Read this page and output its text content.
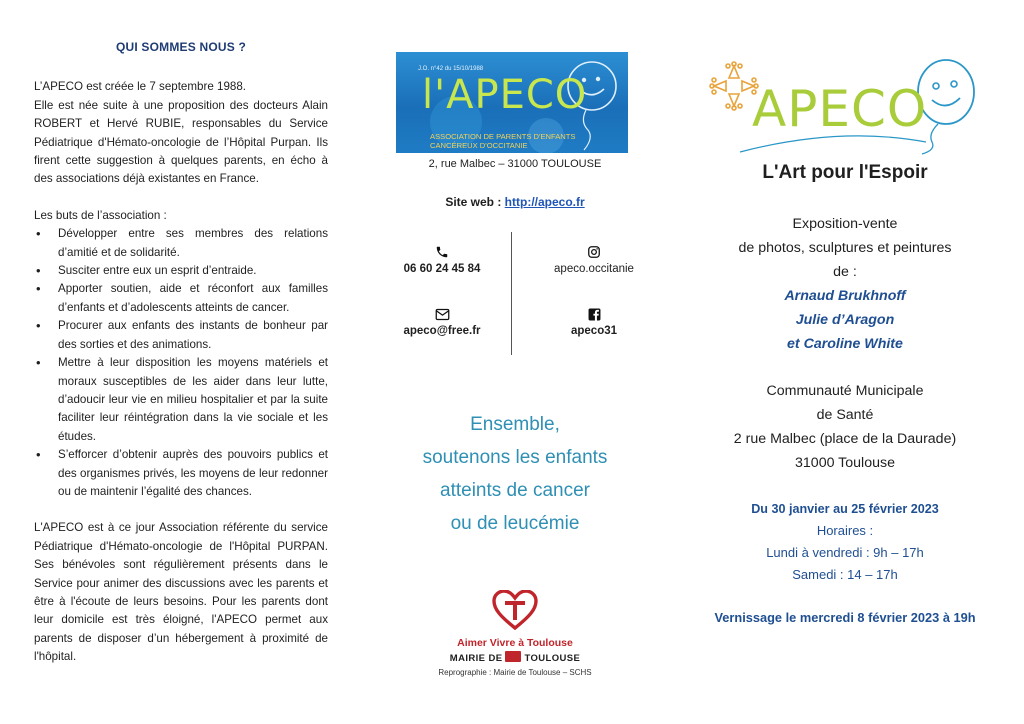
QUI SOMMES NOUS ?

L’APECO est créée le 7 septembre 1988.

Elle est née suite à une proposition des docteurs Alain ROBERT et Hervé RUBIE, responsables du Service Pédiatrique d'Hémato-oncologie de l’Hôpital Purpan. Ils firent cette suggestion à quelques parents, en écho à des associations déjà existantes en France.

Les buts de l’association :

• Développer entre ses membres des relations d’amitié et de solidarité.
• Susciter entre eux un esprit d’entraide.
• Apporter soutien, aide et réconfort aux familles d’enfants et d’adolescents atteints de cancer.
• Procurer aux enfants des instants de bonheur par des sorties et des animations.
• Mettre à leur disposition les moyens matériels et moraux susceptibles de les aider dans leur lutte, d’adoucir leur vie en milieu hospitalier et par la suite faciliter leur réintégration dans la vie sociale et les études.
• S’efforcer d’obtenir auprès des pouvoirs publics et des organismes privés, les moyens de leur redonner ou de maintenir l’égalité des chances.

L'APECO est à ce jour Association référente du service Pédiatrique d'Hémato-oncologie de l'Hôpital PURPAN. Ses bénévoles sont régulièrement présents dans le Service pour animer des discussions avec les parents et être à l'écoute de leurs besoins. Pour les parents dont leur domicile est très éloigné, l'APECO permet aux parents de disposer d’un hébergement à proximité de l'hôpital.

J.O. n°42 du 15/10/1988
l'APECO
ASSOCIATION DE PARENTS D'ENFANTS CANCÉREUX D'OCCITANIE
2, rue Malbec – 31000 TOULOUSE
Site web : http://apeco.fr
06 60 24 45 84	apeco.occitanie
apeco@free.fr	apeco31
Ensemble,
soutenons les enfants
atteints de cancer
ou de leucémie
Aimer Vivre à Toulouse
MAIRIE DE TOULOUSE
Reprographie : Mairie de Toulouse – SCHS
APECO
L'Art pour l'Espoir
Exposition-vente
de photos, sculptures et peintures
de :
Arnaud Brukhnoff
Julie d’Aragon
et Caroline White
Communauté Municipale
de Santé
2 rue Malbec (place de la Daurade)
31000 Toulouse
Du 30 janvier au 25 février 2023
Horaires :
Lundi à vendredi : 9h – 17h
Samedi : 14 – 17h
Vernissage le mercredi 8 février 2023 à 19h
